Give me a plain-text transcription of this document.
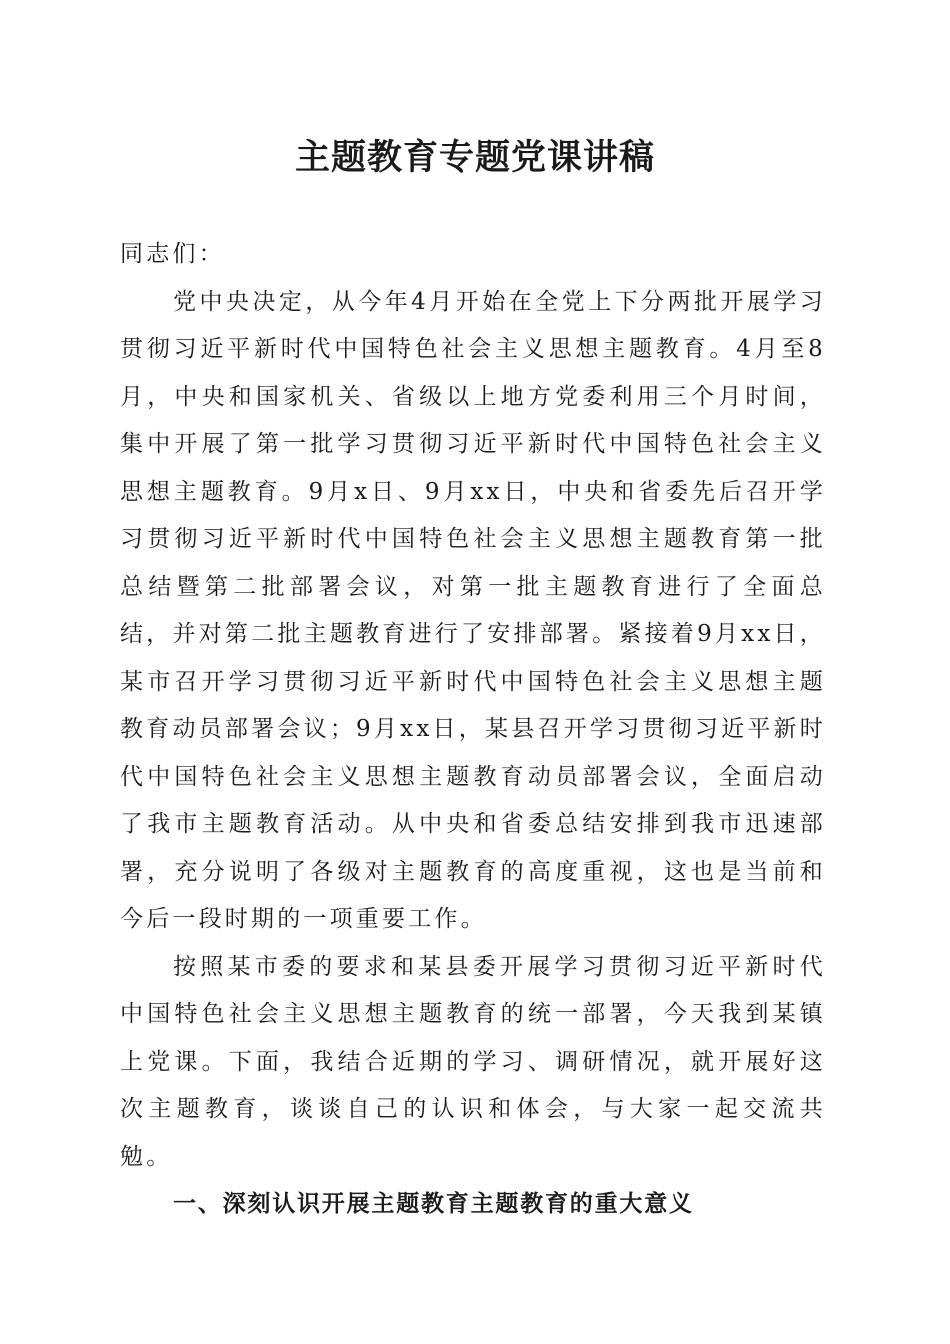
主题教育专题党课讲稿

同志们：

党中央决定，从今年4月开始在全党上下分两批开展学习贯彻习近平新时代中国特色社会主义思想主题教育。4月至8月，中央和国家机关、省级以上地方党委利用三个月时间，集中开展了第一批学习贯彻习近平新时代中国特色社会主义思想主题教育。9月x日、9月xx日，中央和省委先后召开学习贯彻习近平新时代中国特色社会主义思想主题教育第一批总结暨第二批部署会议，对第一批主题教育进行了全面总结，并对第二批主题教育进行了安排部署。紧接着9月xx日，某市召开学习贯彻习近平新时代中国特色社会主义思想主题教育动员部署会议；9月xx日，某县召开学习贯彻习近平新时代中国特色社会主义思想主题教育动员部署会议，全面启动了我市主题教育活动。从中央和省委总结安排到我市迅速部署，充分说明了各级对主题教育的高度重视，这也是当前和今后一段时期的一项重要工作。

按照某市委的要求和某县委开展学习贯彻习近平新时代中国特色社会主义思想主题教育的统一部署，今天我到某镇上党课。下面，我结合近期的学习、调研情况，就开展好这次主题教育，谈谈自己的认识和体会，与大家一起交流共勉。

一、深刻认识开展主题教育主题教育的重大意义
